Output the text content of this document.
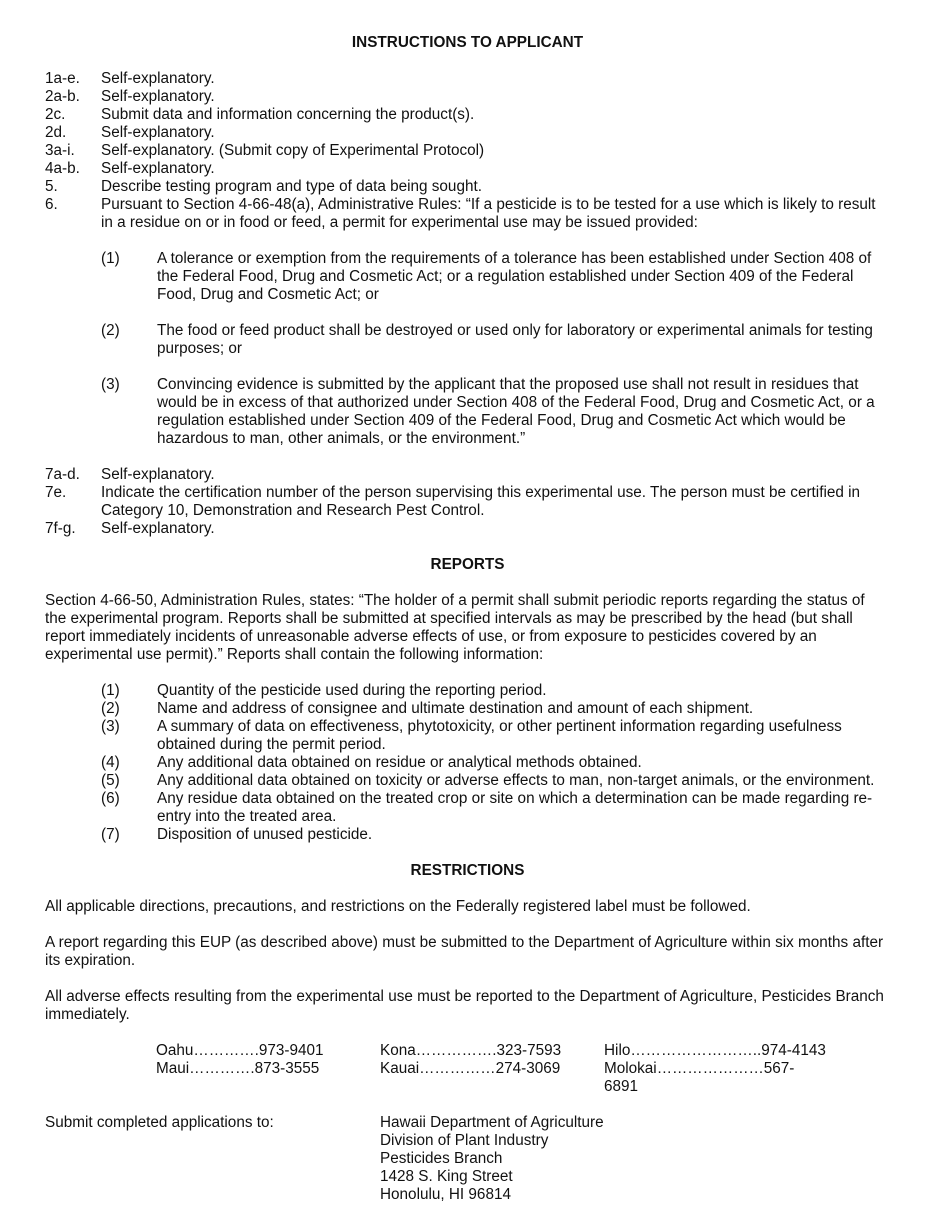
INSTRUCTIONS TO APPLICANT
1a-e.	Self-explanatory.
2a-b.	Self-explanatory.
2c.	Submit data and information concerning the product(s).
2d.	Self-explanatory.
3a-i.	Self-explanatory. (Submit copy of Experimental Protocol)
4a-b.	Self-explanatory.
5.	Describe testing program and type of data being sought.
6.	Pursuant to Section 4-66-48(a), Administrative Rules: “If a pesticide is to be tested for a use which is likely to result in a residue on or in food or feed, a permit for experimental use may be issued provided:
(1)	A tolerance or exemption from the requirements of a tolerance has been established under Section 408 of the Federal Food, Drug and Cosmetic Act; or a regulation established under Section 409 of the Federal Food, Drug and Cosmetic Act; or
(2)	The food or feed product shall be destroyed or used only for laboratory or experimental animals for testing purposes; or
(3)	Convincing evidence is submitted by the applicant that the proposed use shall not result in residues that would be in excess of that authorized under Section 408 of the Federal Food, Drug and Cosmetic Act, or a regulation established under Section 409 of the Federal Food, Drug and Cosmetic Act which would be hazardous to man, other animals, or the environment.”
7a-d.	Self-explanatory.
7e.	Indicate the certification number of the person supervising this experimental use. The person must be certified in Category 10, Demonstration and Research Pest Control.
7f-g.	Self-explanatory.
REPORTS

Section 4-66-50, Administration Rules, states: “The holder of a permit shall submit periodic reports regarding the status of the experimental program. Reports shall be submitted at specified intervals as may be prescribed by the head (but shall report immediately incidents of unreasonable adverse effects of use, or from exposure to pesticides covered by an experimental use permit).” Reports shall contain the following information:

(1)	Quantity of the pesticide used during the reporting period.
(2)	Name and address of consignee and ultimate destination and amount of each shipment.
(3)	A summary of data on effectiveness, phytotoxicity, or other pertinent information regarding usefulness obtained during the permit period.
(4)	Any additional data obtained on residue or analytical methods obtained.
(5)	Any additional data obtained on toxicity or adverse effects to man, non-target animals, or the environment.
(6)	Any residue data obtained on the treated crop or site on which a determination can be made regarding re-entry into the treated area.
(7)	Disposition of unused pesticide.
RESTRICTIONS

All applicable directions, precautions, and restrictions on the Federally registered label must be followed.

A report regarding this EUP (as described above) must be submitted to the Department of Agriculture within six months after its expiration.

All adverse effects resulting from the experimental use must be reported to the Department of Agriculture, Pesticides Branch immediately.

Oahu………….973-9401	Kona…………….323-7593	Hilo……………………..974-4143
Maui………….873-3555	Kauai……………274-3069	Molokai…………………567-6891
Submit completed applications to:	Hawaii Department of Agriculture
Division of Plant Industry
Pesticides Branch
1428 S. King Street
Honolulu, HI 96814
